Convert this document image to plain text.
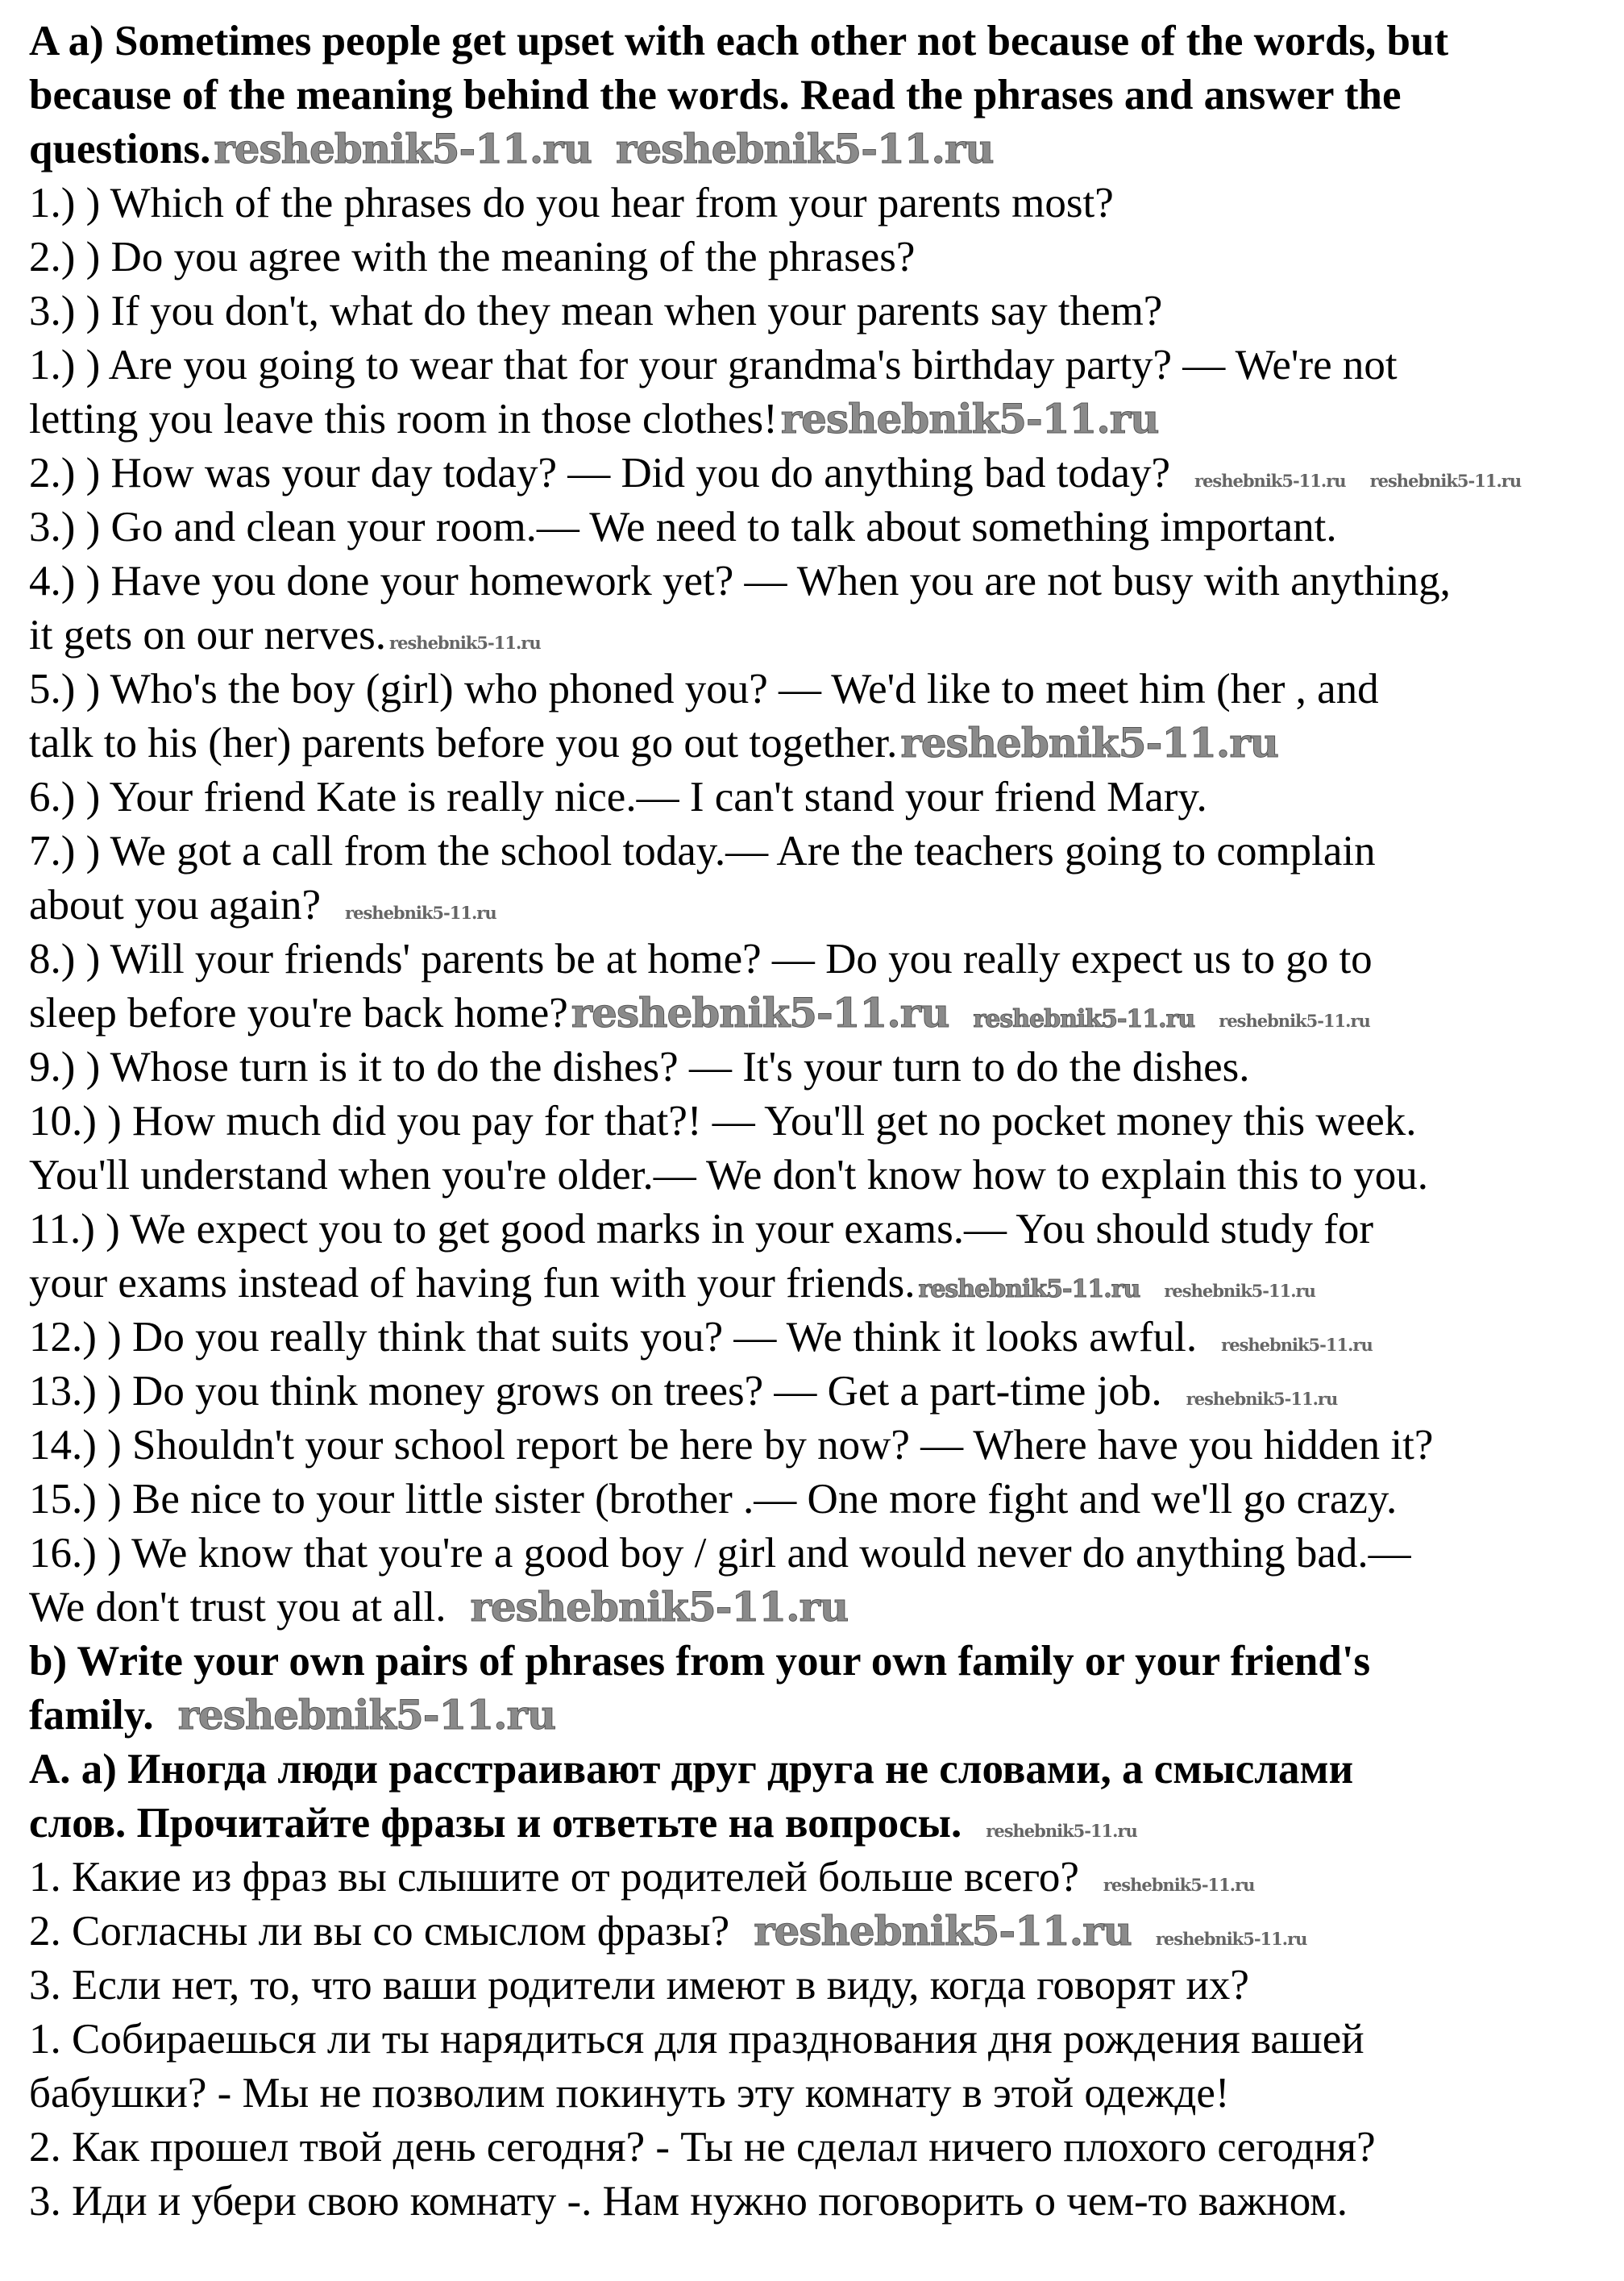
A a) Sometimes people get upset with each other not because of the words, but
because of the meaning behind the words. Read the phrases and answer the
questions.reshebnik5-11.ru reshebnik5-11.ru
1.) ) Which of the phrases do you hear from your parents most?
2.) ) Do you agree with the meaning of the phrases?
3.) ) If you don't, what do they mean when your parents say them?
1.) ) Are you going to wear that for your grandma's birthday party? — We're not
letting you leave this room in those clothes!reshebnik5-11.ru
2.) ) How was your day today? — Did you do anything bad today? reshebnik5-11.ru reshebnik5-11.ru
3.) ) Go and clean your room.— We need to talk about something important.
4.) ) Have you done your homework yet? — When you are not busy with anything,
it gets on our nerves. reshebnik5-11.ru
5.) ) Who's the boy (girl) who phoned you? — We'd like to meet him (her , and
talk to his (her) parents before you go out together.reshebnik5-11.ru
6.) ) Your friend Kate is really nice.— I can't stand your friend Mary.
7.) ) We got a call from the school today.— Are the teachers going to complain
about you again? reshebnik5-11.ru
8.) ) Will your friends' parents be at home? — Do you really expect us to go to
sleep before you're back home?reshebnik5-11.ru reshebnik5-11.ru reshebnik5-11.ru
9.) ) Whose turn is it to do the dishes? — It's your turn to do the dishes.
10.) ) How much did you pay for that?! — You'll get no pocket money this week.
You'll understand when you're older.— We don't know how to explain this to you.
11.) ) We expect you to get good marks in your exams.— You should study for
your exams instead of having fun with your friends. reshebnik5-11.ru reshebnik5-11.ru
12.) ) Do you really think that suits you? — We think it looks awful. reshebnik5-11.ru
13.) ) Do you think money grows on trees? — Get a part-time job. reshebnik5-11.ru
14.) ) Shouldn't your school report be here by now? — Where have you hidden it?
15.) ) Be nice to your little sister (brother .— One more fight and we'll go crazy.
16.) ) We know that you're a good boy / girl and would never do anything bad.—
We don't trust you at all. reshebnik5-11.ru
b) Write your own pairs of phrases from your own family or your friend's
family. reshebnik5-11.ru
А. а) Иногда люди расстраивают друг друга не словами, а смыслами
слов. Прочитайте фразы и ответьте на вопросы. reshebnik5-11.ru
1. Какие из фраз вы слышите от родителей больше всего? reshebnik5-11.ru
2. Согласны ли вы со смыслом фразы? reshebnik5-11.ru reshebnik5-11.ru
3. Если нет, то, что ваши родители имеют в виду, когда говорят их?
1. Собираешься ли ты нарядиться для празднования дня рождения вашей
бабушки? - Мы не позволим покинуть эту комнату в этой одежде!
2. Как прошел твой день сегодня? - Ты не сделал ничего плохого сегодня?
3. Иди и убери свою комнату -. Нам нужно поговорить о чем-то важном.
